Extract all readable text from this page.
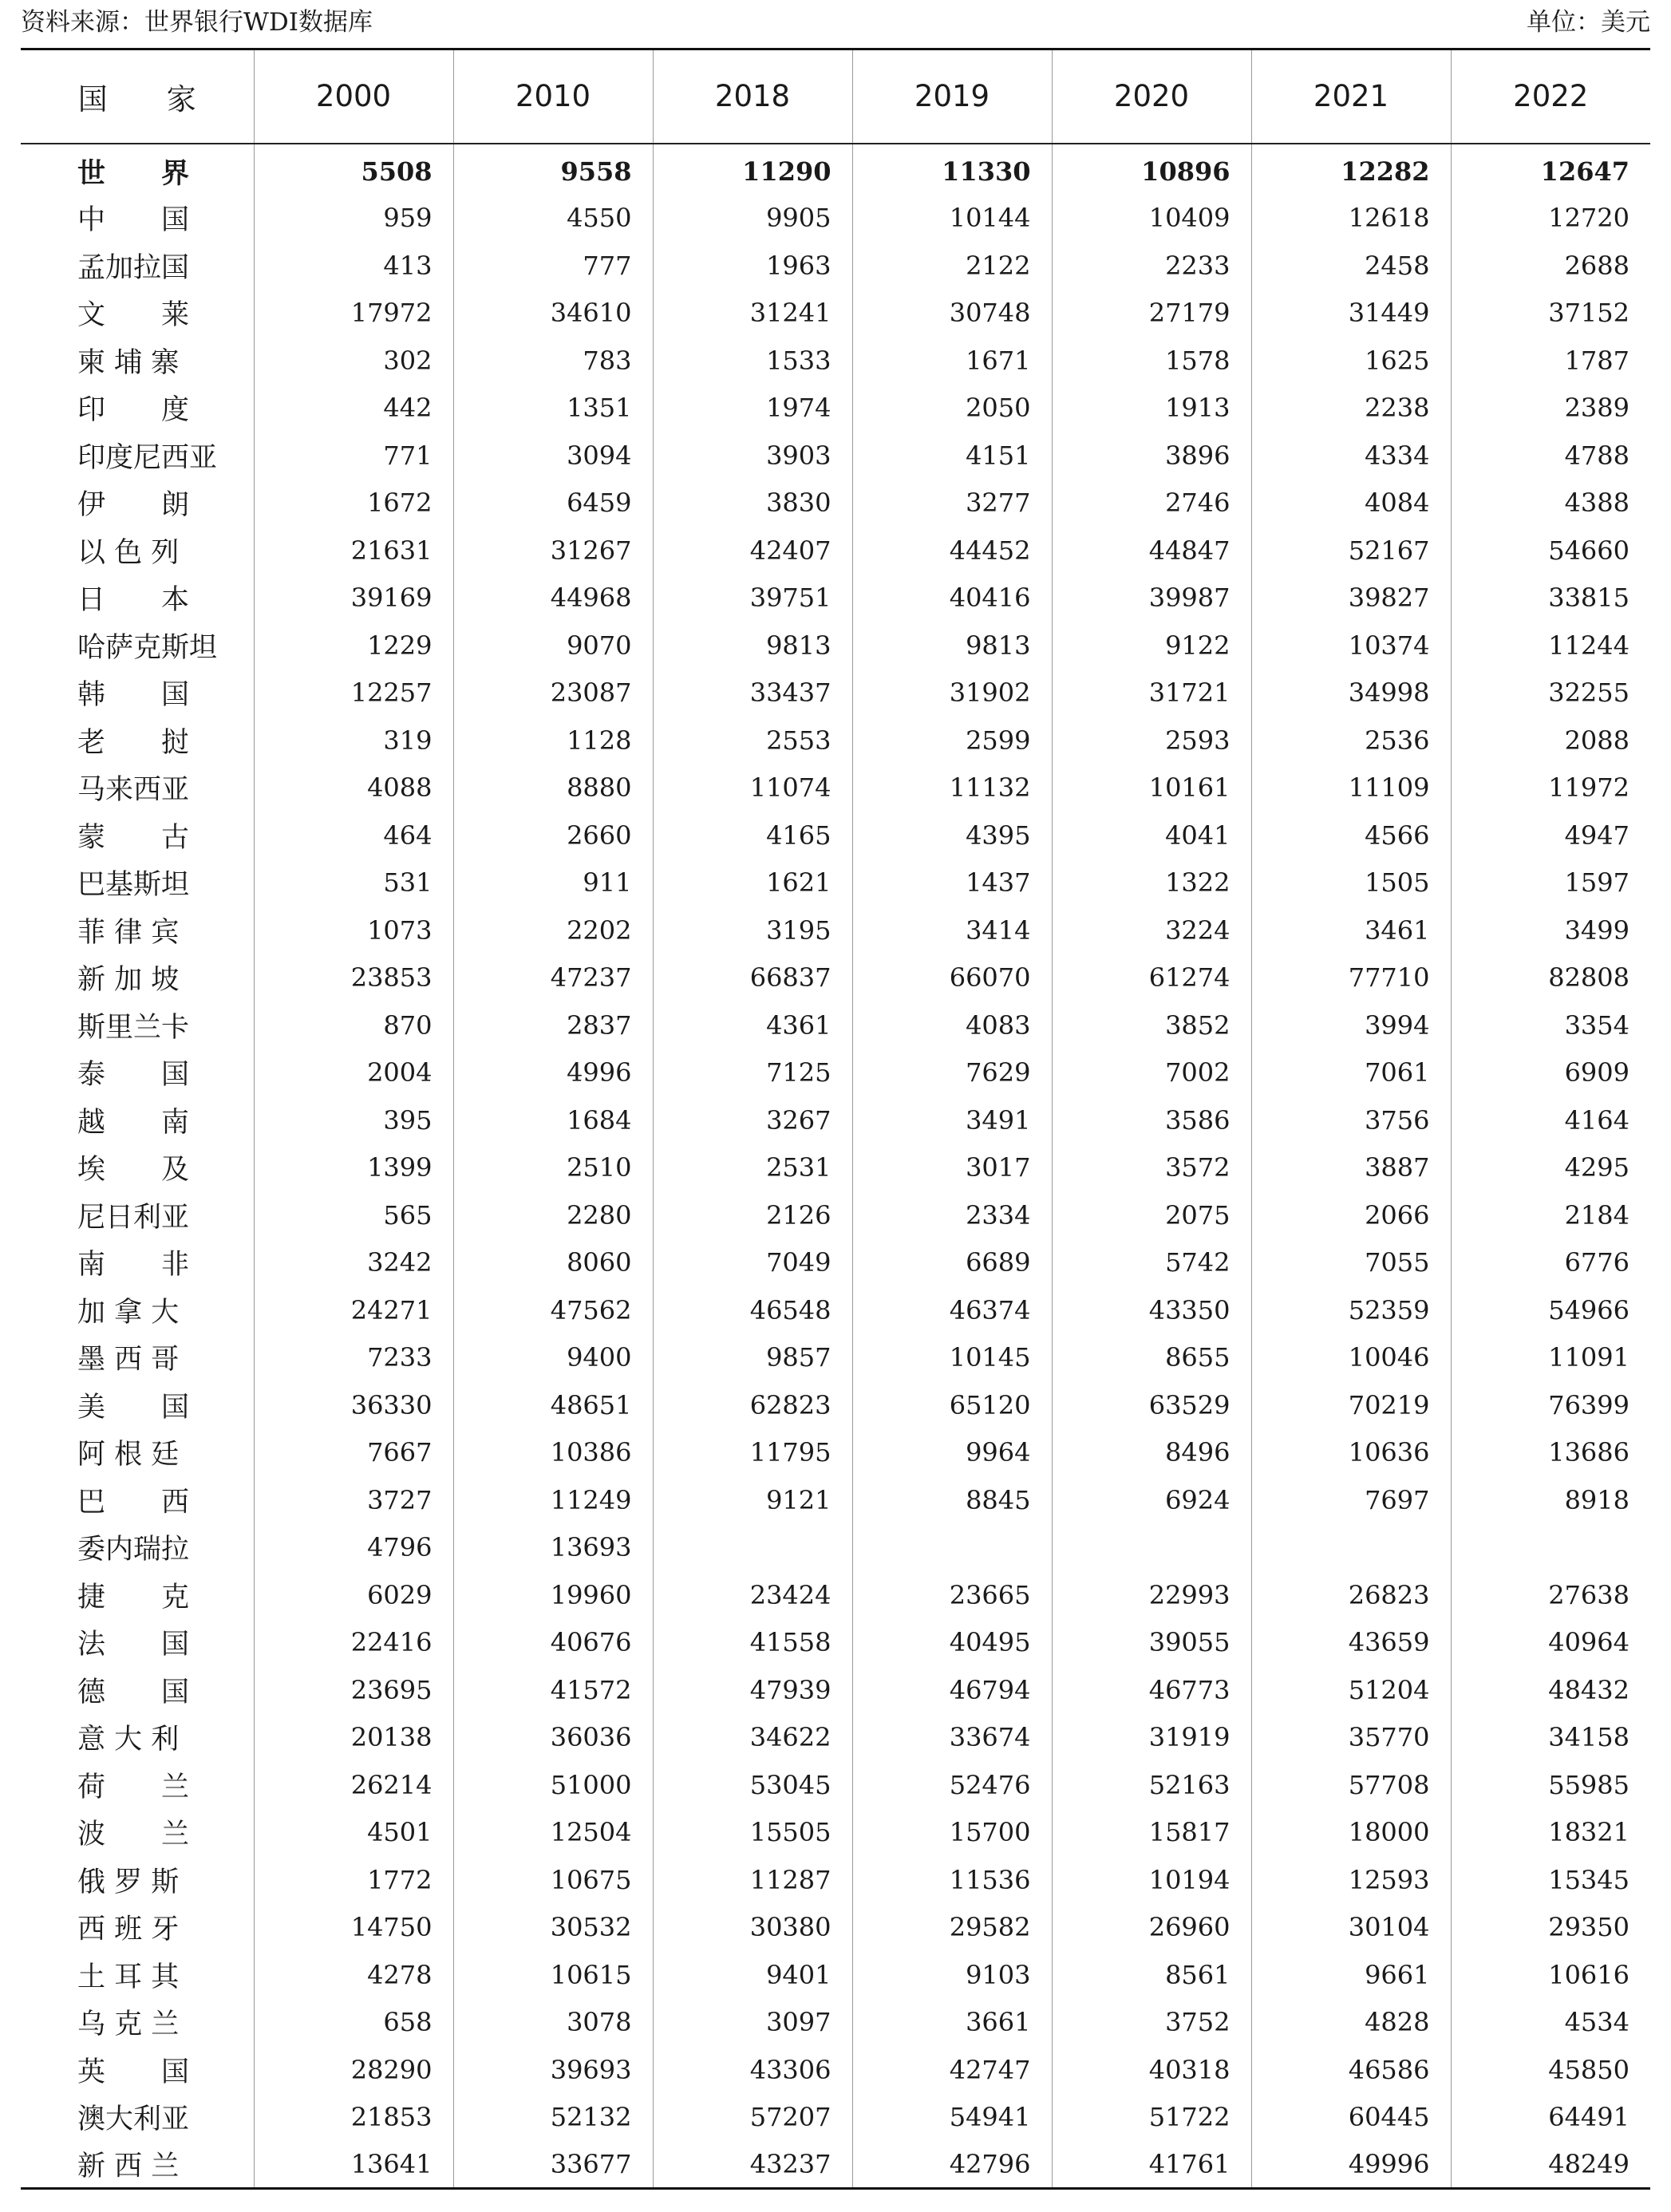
资料来源：世界银行WDI数据库	单位：美元
国　　家	2000	2010	2018	2019	2020	2021	2022
世　　界	5508	9558	11290	11330	10896	12282	12647
中　　国	959	4550	9905	10144	10409	12618	12720
孟加拉国	413	777	1963	2122	2233	2458	2688
文　　莱	17972	34610	31241	30748	27179	31449	37152
柬 埔 寨	302	783	1533	1671	1578	1625	1787
印　　度	442	1351	1974	2050	1913	2238	2389
印度尼西亚	771	3094	3903	4151	3896	4334	4788
伊　　朗	1672	6459	3830	3277	2746	4084	4388
以 色 列	21631	31267	42407	44452	44847	52167	54660
日　　本	39169	44968	39751	40416	39987	39827	33815
哈萨克斯坦	1229	9070	9813	9813	9122	10374	11244
韩　　国	12257	23087	33437	31902	31721	34998	32255
老　　挝	319	1128	2553	2599	2593	2536	2088
马来西亚	4088	8880	11074	11132	10161	11109	11972
蒙　　古	464	2660	4165	4395	4041	4566	4947
巴基斯坦	531	911	1621	1437	1322	1505	1597
菲 律 宾	1073	2202	3195	3414	3224	3461	3499
新 加 坡	23853	47237	66837	66070	61274	77710	82808
斯里兰卡	870	2837	4361	4083	3852	3994	3354
泰　　国	2004	4996	7125	7629	7002	7061	6909
越　　南	395	1684	3267	3491	3586	3756	4164
埃　　及	1399	2510	2531	3017	3572	3887	4295
尼日利亚	565	2280	2126	2334	2075	2066	2184
南　　非	3242	8060	7049	6689	5742	7055	6776
加 拿 大	24271	47562	46548	46374	43350	52359	54966
墨 西 哥	7233	9400	9857	10145	8655	10046	11091
美　　国	36330	48651	62823	65120	63529	70219	76399
阿 根 廷	7667	10386	11795	9964	8496	10636	13686
巴　　西	3727	11249	9121	8845	6924	7697	8918
委内瑞拉	4796	13693					
捷　　克	6029	19960	23424	23665	22993	26823	27638
法　　国	22416	40676	41558	40495	39055	43659	40964
德　　国	23695	41572	47939	46794	46773	51204	48432
意 大 利	20138	36036	34622	33674	31919	35770	34158
荷　　兰	26214	51000	53045	52476	52163	57708	55985
波　　兰	4501	12504	15505	15700	15817	18000	18321
俄 罗 斯	1772	10675	11287	11536	10194	12593	15345
西 班 牙	14750	30532	30380	29582	26960	30104	29350
土 耳 其	4278	10615	9401	9103	8561	9661	10616
乌 克 兰	658	3078	3097	3661	3752	4828	4534
英　　国	28290	39693	43306	42747	40318	46586	45850
澳大利亚	21853	52132	57207	54941	51722	60445	64491
新 西 兰	13641	33677	43237	42796	41761	49996	48249
